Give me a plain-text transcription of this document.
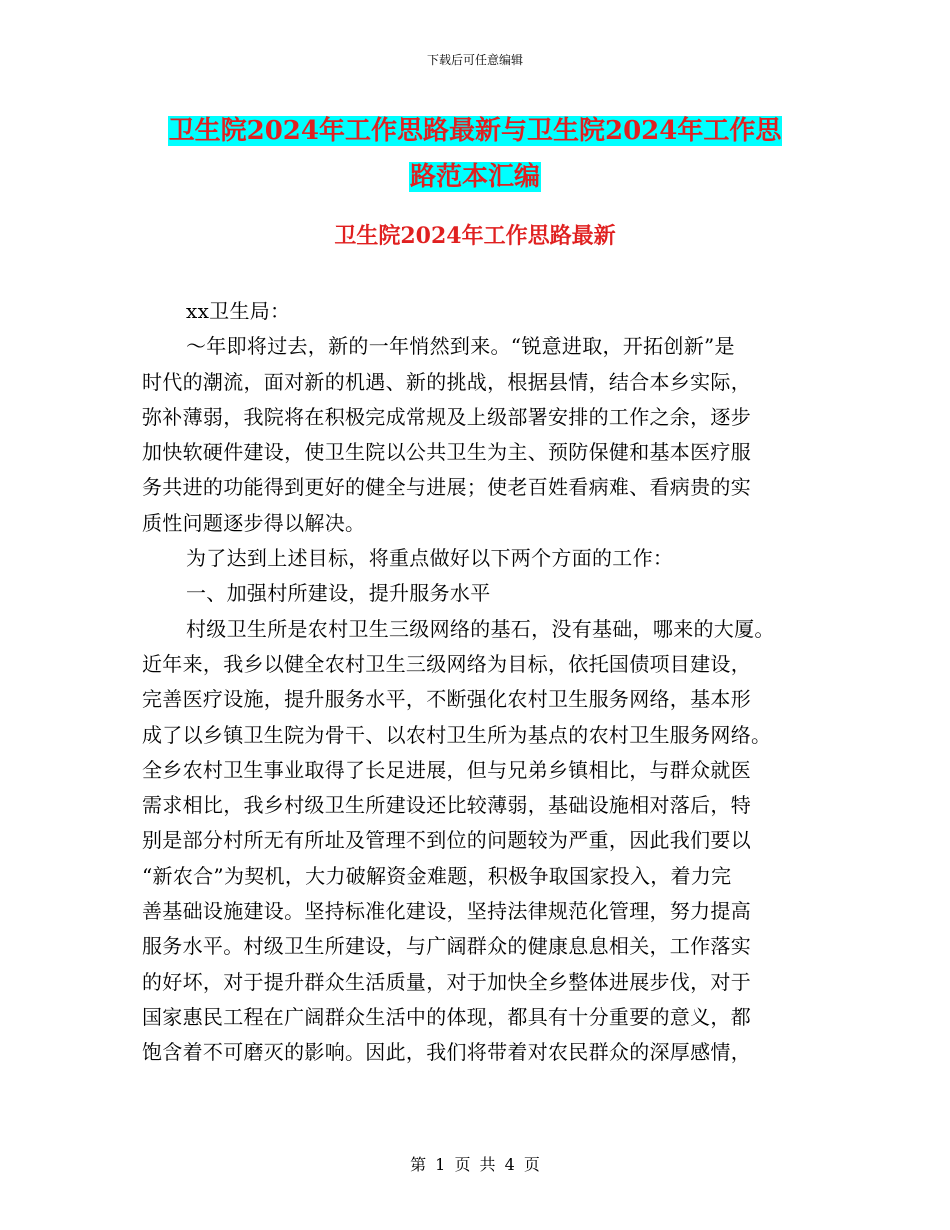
下载后可任意编辑
卫生院2024年工作思路最新与卫生院2024年工作思
路范本汇编
卫生院2024年工作思路最新
xx卫生局：
～年即将过去，新的一年悄然到来。“锐意进取，开拓创新”是
时代的潮流，面对新的机遇、新的挑战，根据县情，结合本乡实际，
弥补薄弱，我院将在积极完成常规及上级部署安排的工作之余，逐步
加快软硬件建设，使卫生院以公共卫生为主、预防保健和基本医疗服
务共进的功能得到更好的健全与进展；使老百姓看病难、看病贵的实
质性问题逐步得以解决。
为了达到上述目标，将重点做好以下两个方面的工作：
一、加强村所建设，提升服务水平
村级卫生所是农村卫生三级网络的基石，没有基础，哪来的大厦。
近年来，我乡以健全农村卫生三级网络为目标，依托国债项目建设，
完善医疗设施，提升服务水平，不断强化农村卫生服务网络，基本形
成了以乡镇卫生院为骨干、以农村卫生所为基点的农村卫生服务网络。
全乡农村卫生事业取得了长足进展，但与兄弟乡镇相比，与群众就医
需求相比，我乡村级卫生所建设还比较薄弱，基础设施相对落后，特
别是部分村所无有所址及管理不到位的问题较为严重，因此我们要以
“新农合”为契机，大力破解资金难题，积极争取国家投入，着力完
善基础设施建设。坚持标准化建设，坚持法律规范化管理，努力提高
服务水平。村级卫生所建设，与广阔群众的健康息息相关，工作落实
的好坏，对于提升群众生活质量，对于加快全乡整体进展步伐，对于
国家惠民工程在广阔群众生活中的体现，都具有十分重要的意义，都
饱含着不可磨灭的影响。因此，我们将带着对农民群众的深厚感情，
第 1 页 共 4 页
